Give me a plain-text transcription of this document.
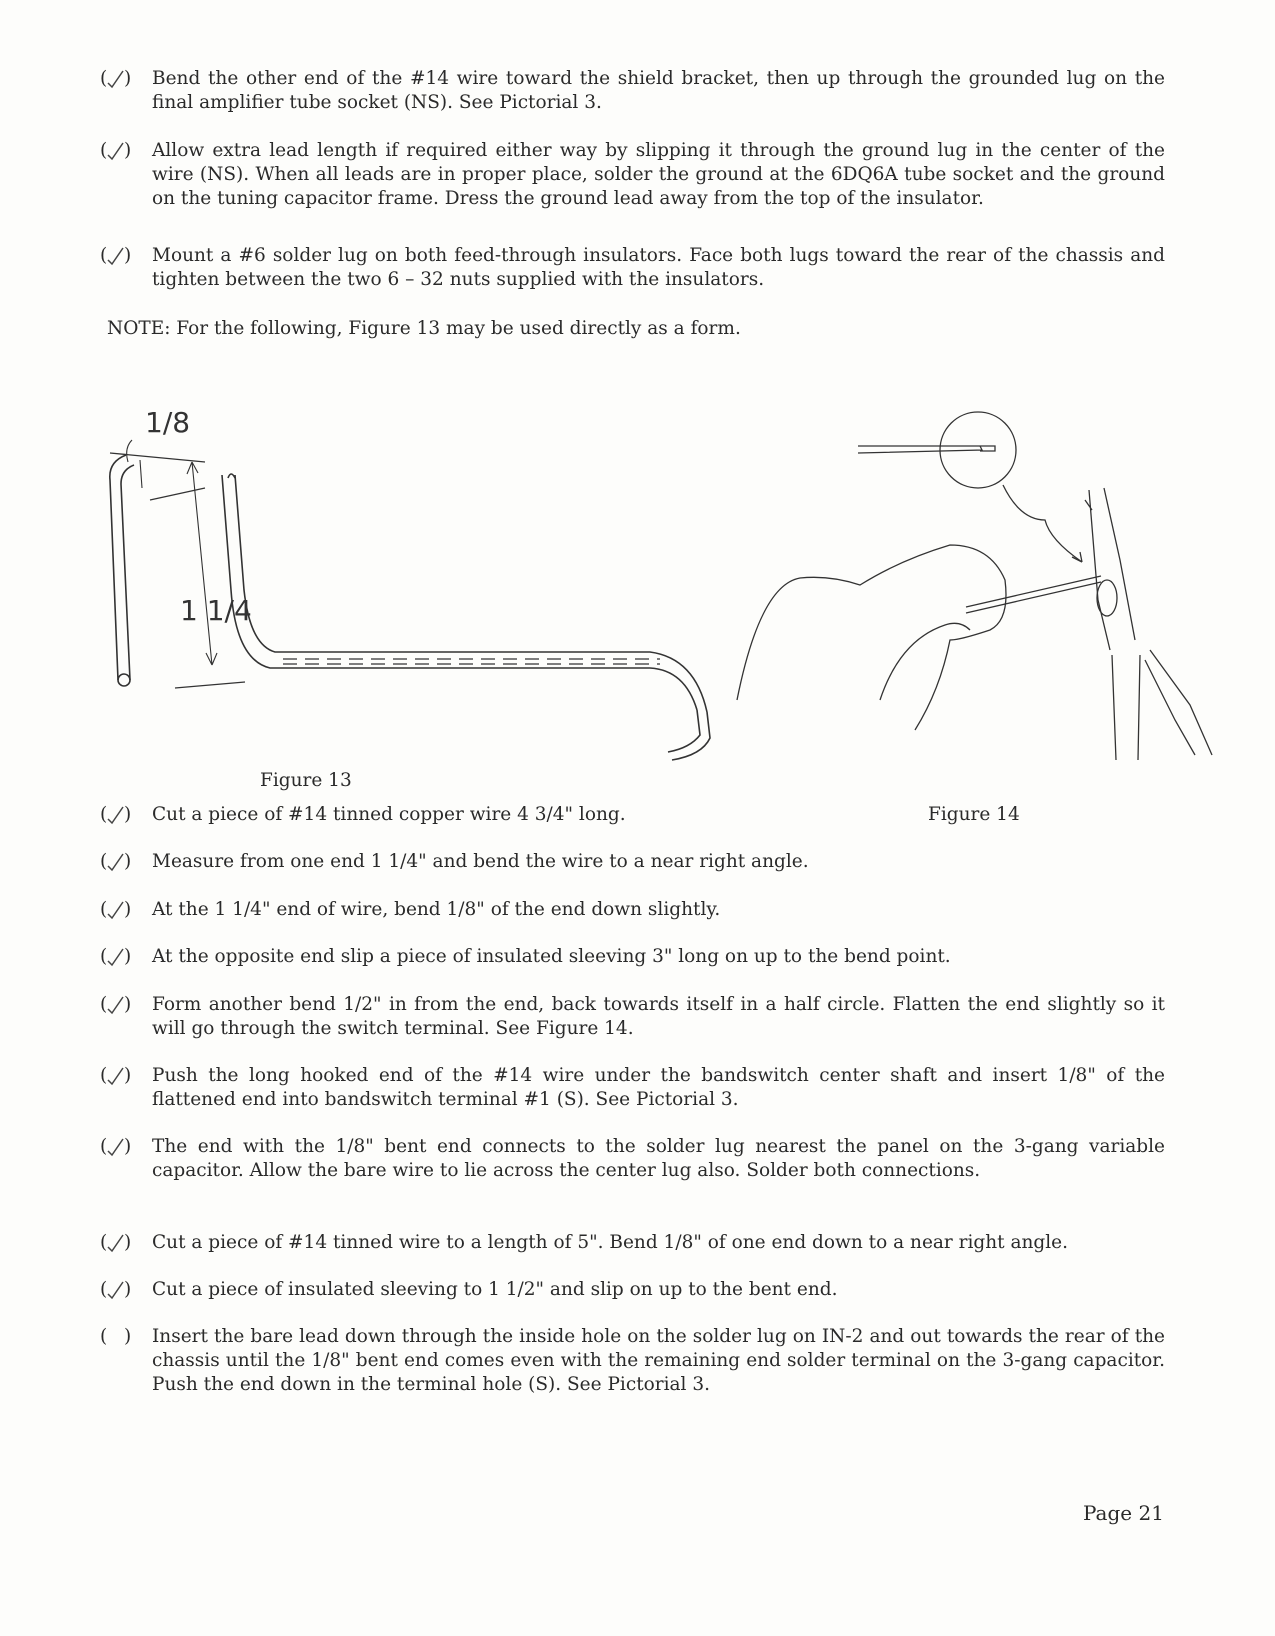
( ) Bend the other end of the #14 wire toward the shield bracket, then up through the grounded lug on the final amplifier tube socket (NS). See Pictorial 3.
( ) Allow extra lead length if required either way by slipping it through the ground lug in the center of the wire (NS). When all leads are in proper place, solder the ground at the 6DQ6A tube socket and the ground on the tuning capacitor frame. Dress the ground lead away from the top of the insulator.
( ) Mount a #6 solder lug on both feed-through insulators. Face both lugs toward the rear of the chassis and tighten between the two 6 – 32 nuts supplied with the insulators.
( ) Cut a piece of #14 tinned copper wire 4 3/4" long.
( ) Measure from one end 1 1/4" and bend the wire to a near right angle.
( ) At the 1 1/4" end of wire, bend 1/8" of the end down slightly.
( ) At the opposite end slip a piece of insulated sleeving 3" long on up to the bend point.
( ) Form another bend 1/2" in from the end, back towards itself in a half circle. Flatten the end slightly so it will go through the switch terminal. See Figure 14.
( ) Push the long hooked end of the #14 wire under the bandswitch center shaft and insert 1/8" of the flattened end into bandswitch terminal #1 (S). See Pictorial 3.
( ) The end with the 1/8" bent end connects to the solder lug nearest the panel on the 3-gang variable capacitor. Allow the bare wire to lie across the center lug also. Solder both connections.
( ) Cut a piece of #14 tinned wire to a length of 5". Bend 1/8" of one end down to a near right angle.
( ) Cut a piece of insulated sleeving to 1 1/2" and slip on up to the bent end.
( ) Insert the bare lead down through the inside hole on the solder lug on IN-2 and out towards the rear of the chassis until the 1/8" bent end comes even with the remaining end solder terminal on the 3-gang capacitor. Push the end down in the terminal hole (S). See Pictorial 3.
NOTE: For the following, Figure 13 may be used directly as a form.
1/8
1 1/4
Figure 13
Figure 14
Page 21
